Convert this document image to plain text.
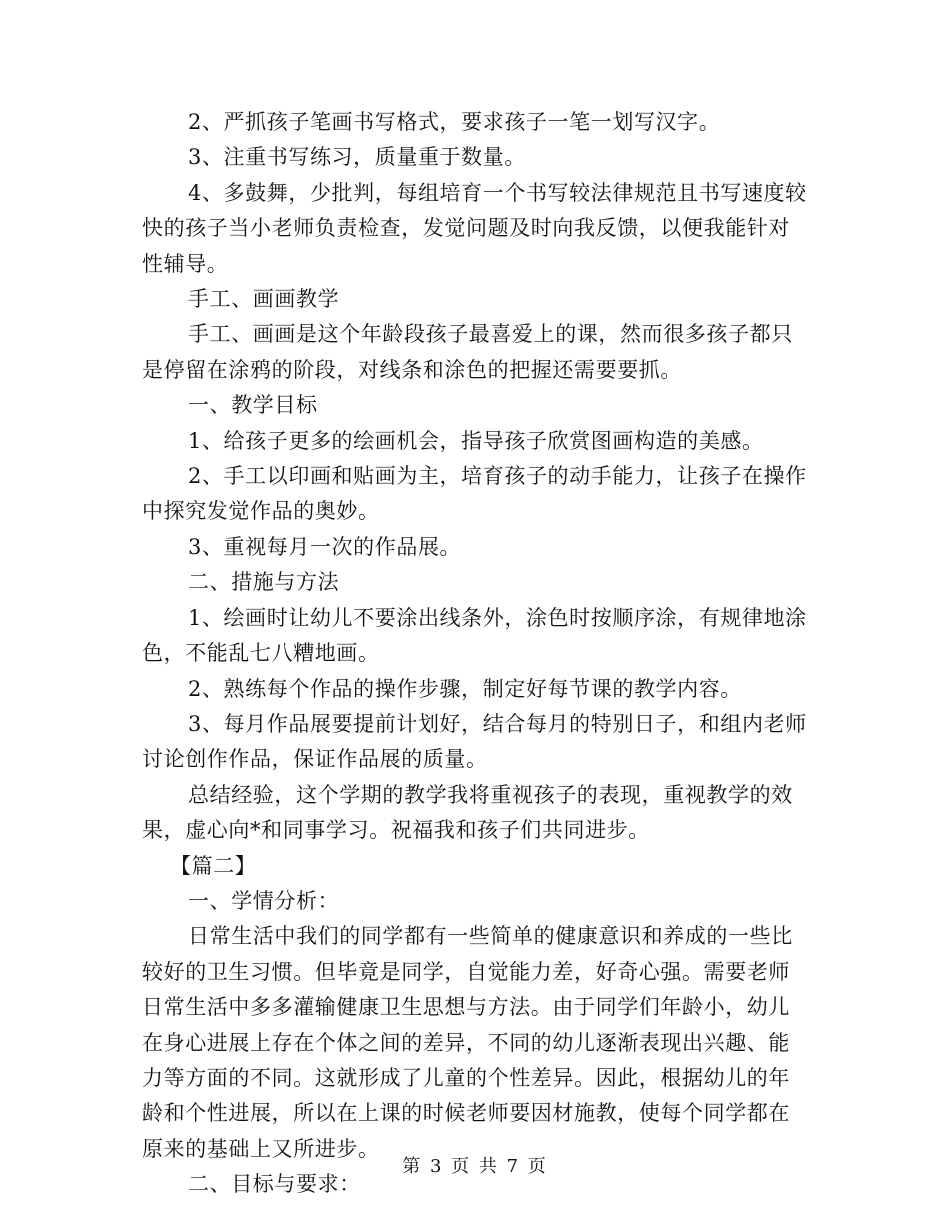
2、严抓孩子笔画书写格式，要求孩子一笔一划写汉字。

3、注重书写练习，质量重于数量。

4、多鼓舞，少批判，每组培育一个书写较法律规范且书写速度较快的孩子当小老师负责检查，发觉问题及时向我反馈，以便我能针对性辅导。

手工、画画教学

手工、画画是这个年龄段孩子最喜爱上的课，然而很多孩子都只是停留在涂鸦的阶段，对线条和涂色的把握还需要要抓。

一、教学目标

1、给孩子更多的绘画机会，指导孩子欣赏图画构造的美感。

2、手工以印画和贴画为主，培育孩子的动手能力，让孩子在操作中探究发觉作品的奥妙。

3、重视每月一次的作品展。

二、措施与方法

1、绘画时让幼儿不要涂出线条外，涂色时按顺序涂，有规律地涂色，不能乱七八糟地画。

2、熟练每个作品的操作步骤，制定好每节课的教学内容。

3、每月作品展要提前计划好，结合每月的特别日子，和组内老师讨论创作作品，保证作品展的质量。

总结经验，这个学期的教学我将重视孩子的表现，重视教学的效果，虚心向*和同事学习。祝福我和孩子们共同进步。

【篇二】

一、学情分析：

日常生活中我们的同学都有一些简单的健康意识和养成的一些比较好的卫生习惯。但毕竟是同学，自觉能力差，好奇心强。需要老师日常生活中多多灌输健康卫生思想与方法。由于同学们年龄小，幼儿在身心进展上存在个体之间的差异，不同的幼儿逐渐表现出兴趣、能力等方面的不同。这就形成了儿童的个性差异。因此，根据幼儿的年龄和个性进展，所以在上课的时候老师要因材施教，使每个同学都在原来的基础上又所进步。

二、目标与要求：

第 3 页 共 7 页
